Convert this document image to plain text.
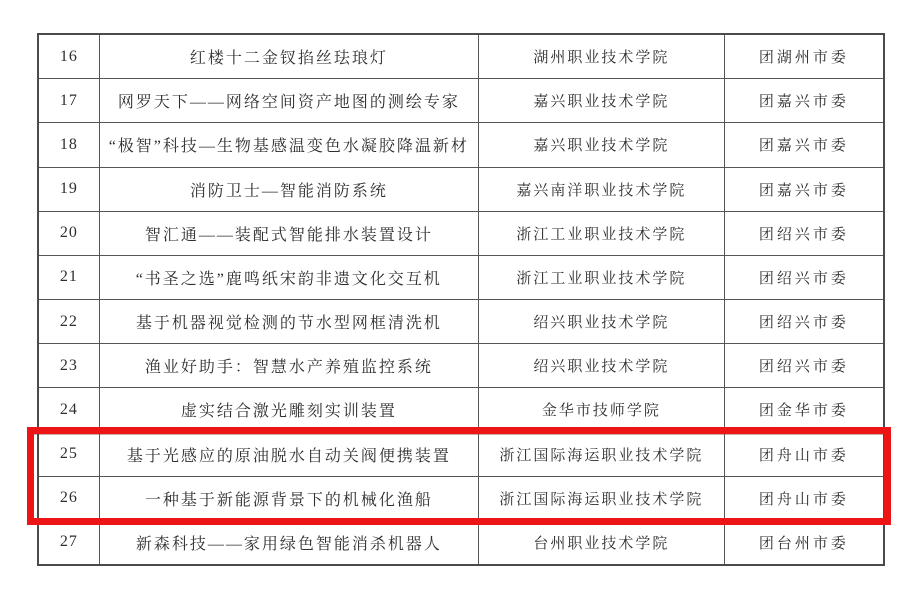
16	红楼十二金钗掐丝珐琅灯	湖州职业技术学院	团湖州市委
17	网罗天下——网络空间资产地图的测绘专家	嘉兴职业技术学院	团嘉兴市委
18	“极智”科技—生物基感温变色水凝胶降温新材	嘉兴职业技术学院	团嘉兴市委
19	消防卫士—智能消防系统	嘉兴南洋职业技术学院	团嘉兴市委
20	智汇通——装配式智能排水装置设计	浙江工业职业技术学院	团绍兴市委
21	“书圣之选”鹿鸣纸宋韵非遗文化交互机	浙江工业职业技术学院	团绍兴市委
22	基于机器视觉检测的节水型网框清洗机	绍兴职业技术学院	团绍兴市委
23	渔业好助手：智慧水产养殖监控系统	绍兴职业技术学院	团绍兴市委
24	虚实结合激光雕刻实训装置	金华市技师学院	团金华市委
25	基于光感应的原油脱水自动关阀便携装置	浙江国际海运职业技术学院	团舟山市委
26	一种基于新能源背景下的机械化渔船	浙江国际海运职业技术学院	团舟山市委
27	新森科技——家用绿色智能消杀机器人	台州职业技术学院	团台州市委
